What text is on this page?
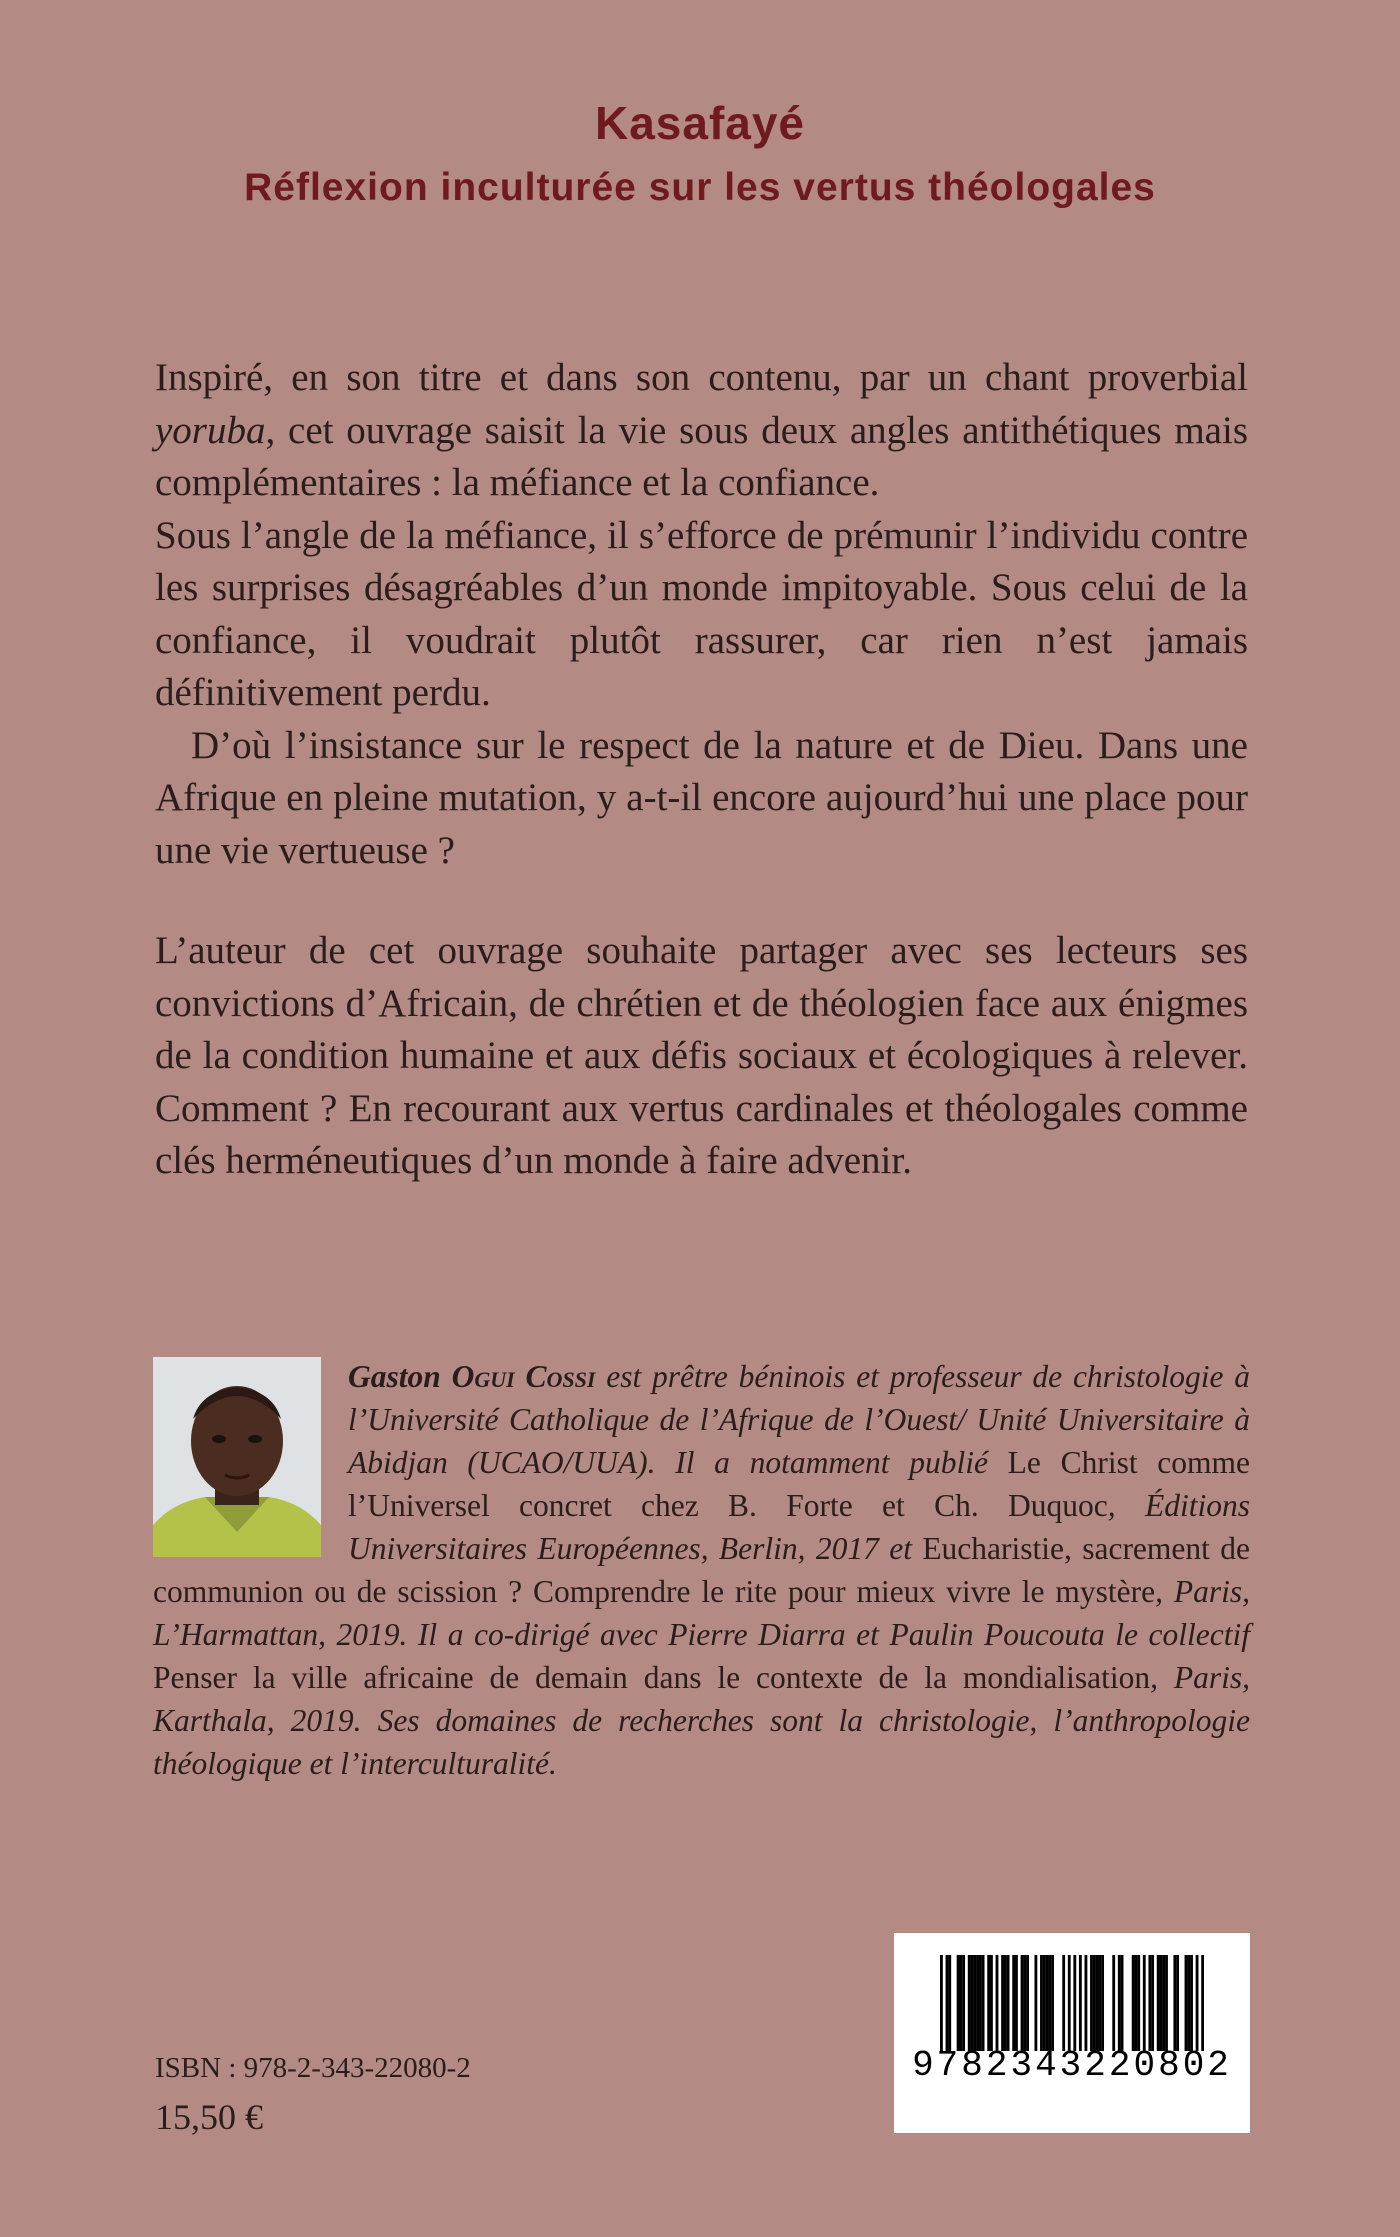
Kasafayé
Réflexion inculturée sur les vertus théologales

Inspiré, en son titre et dans son contenu, par un chant proverbial yoruba, cet ouvrage saisit la vie sous deux angles antithétiques mais complémentaires : la méfiance et la confiance.

Sous l’angle de la méfiance, il s’efforce de prémunir l’individu contre les surprises désagréables d’un monde impitoyable. Sous celui de la confiance, il voudrait plutôt rassurer, car rien n’est jamais définitivement perdu.

D’où l’insistance sur le respect de la nature et de Dieu. Dans une Afrique en pleine mutation, y a-t-il encore aujourd’hui une place pour une vie vertueuse ?

L’auteur de cet ouvrage souhaite partager avec ses lecteurs ses convictions d’Africain, de chrétien et de théologien face aux énigmes de la condition humaine et aux défis sociaux et écologiques à relever. Comment ? En recourant aux vertus cardinales et théologales comme clés herméneutiques d’un monde à faire advenir.
Gaston Ogui Cossi est prêtre béninois et professeur de christologie à l’Université Catholique de l’Afrique de l’Ouest/ Unité Universitaire à Abidjan (UCAO/UUA). Il a notamment publié Le Christ comme l’Universel concret chez B. Forte et Ch. Duquoc, Éditions Universitaires Européennes, Berlin, 2017 et Eucharistie, sacrement de communion ou de scission ? Comprendre le rite pour mieux vivre le mystère, Paris, L’Harmattan, 2019. Il a co-dirigé avec Pierre Diarra et Paulin Poucouta le collectif Penser la ville africaine de demain dans le contexte de la mondialisation, Paris, Karthala, 2019. Ses domaines de recherches sont la christologie, l’anthropologie théologique et l’interculturalité.
ISBN : 978-2-343-22080-2
15,50 €
9782343220802
